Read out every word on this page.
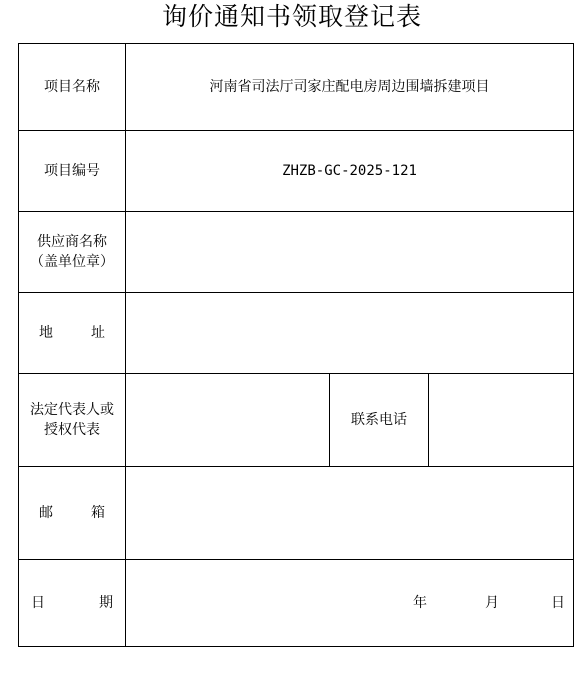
询价通知书领取登记表
项目名称	河南省司法厅司家庄配电房周边围墙拆建项目		
项目编号	ZHZB-GC-2025-121		

供应商名称
（盖单位章）			

地 址			

法定代表人或
授权代表		联系电话	

邮 箱			

日 期	年 月 日		
